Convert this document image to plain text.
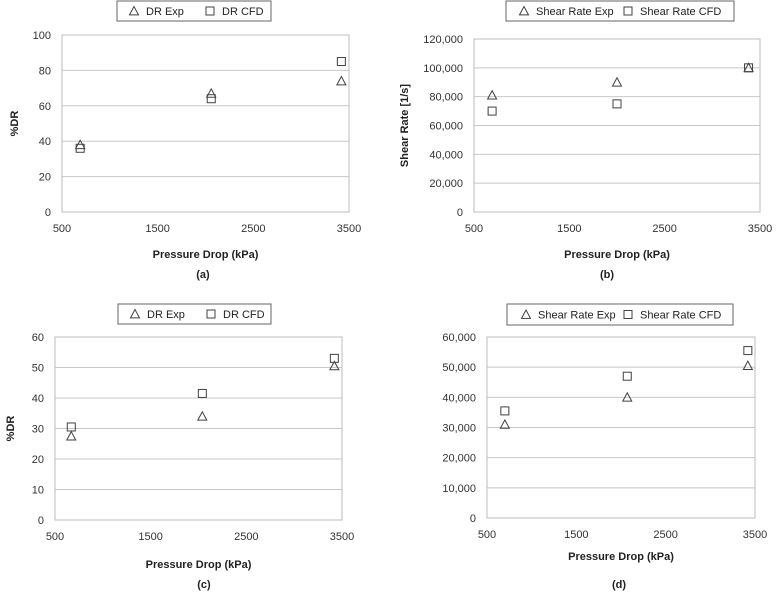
0
20
40
60
80
100
500	1500	2500	3500
Pressure Drop (kPa)
%DR
(a)
DR Exp	DR CFD
0
20,000
40,000
60,000
80,000
100,000
120,000
500	1500	2500	3500
Pressure Drop (kPa)
Shear Rate [1/s]
(b)
Shear Rate Exp Shear Rate CFD
0
10
20
30
40
50
60
500	1500	2500	3500
Pressure Drop (kPa)
%DR
(c)
DR Exp	DR CFD
0
10,000
20,000
30,000
40,000
50,000
60,000
500	1500	2500	3500
Pressure Drop (kPa)
(d)
Shear Rate Exp Shear Rate CFD
